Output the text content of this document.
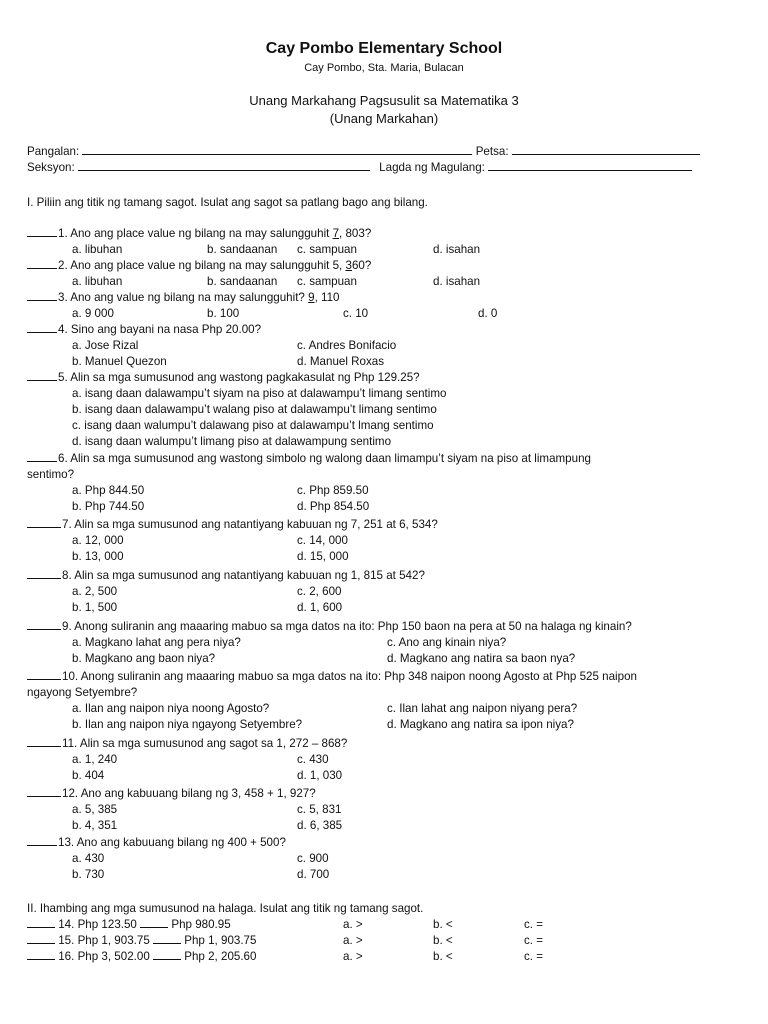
Cay Pombo Elementary School
Cay Pombo, Sta. Maria, Bulacan
Unang Markahang Pagsusulit sa Matematika 3
(Unang Markahan)
Pangalan:	Petsa:
Seksyon:	Lagda ng Magulang:
I. Piliin ang titik ng tamang sagot. Isulat ang sagot sa patlang bago ang bilang.
1. Ano ang place value ng bilang na may salungguhit 7, 803?
a. libuhan	b. sandaanan c. sampuan	d. isahan
2. Ano ang place value ng bilang na may salungguhit 5, 360?
a. libuhan	b. sandaanan c. sampuan	d. isahan
3. Ano ang value ng bilang na may salungguhit? 9, 110
a. 9 000	b. 100	c. 10	d. 0
4. Sino ang bayani na nasa Php 20.00?
a. Jose Rizal	c. Andres Bonifacio
b. Manuel Quezon	d. Manuel Roxas
5. Alin sa mga sumusunod ang wastong pagkakasulat ng Php 129.25?
a. isang daan dalawampu’t siyam na piso at dalawampu’t limang sentimo
b. isang daan dalawampu’t walang piso at dalawampu’t limang sentimo
c. isang daan walumpu’t dalawang piso at dalawampu’t lmang sentimo
d. isang daan walumpu’t limang piso at dalawampung sentimo
6. Alin sa mga sumusunod ang wastong simbolo ng walong daan limampu’t siyam na piso at limampung
sentimo?
a. Php 844.50	c. Php 859.50
b. Php 744.50	d. Php 854.50
7. Alin sa mga sumusunod ang natantiyang kabuuan ng 7, 251 at 6, 534?
a. 12, 000	c. 14, 000
b. 13, 000	d. 15, 000
8. Alin sa mga sumusunod ang natantiyang kabuuan ng 1, 815 at 542?
a. 2, 500	c. 2, 600
b. 1, 500	d. 1, 600
9. Anong suliranin ang maaaring mabuo sa mga datos na ito: Php 150 baon na pera at 50 na halaga ng kinain?
a. Magkano lahat ang pera niya?	c. Ano ang kinain niya?
b. Magkano ang baon niya?	d. Magkano ang natira sa baon nya?
10. Anong suliranin ang maaaring mabuo sa mga datos na ito: Php 348 naipon noong Agosto at Php 525 naipon
ngayong Setyembre?
a. Ilan ang naipon niya noong Agosto?	c. Ilan lahat ang naipon niyang pera?
b. Ilan ang naipon niya ngayong Setyembre?	d. Magkano ang natira sa ipon niya?
11. Alin sa mga sumusunod ang sagot sa 1, 272 – 868?
a. 1, 240	c. 430
b. 404	d. 1, 030
12. Ano ang kabuuang bilang ng 3, 458 + 1, 927?
a. 5, 385	c. 5, 831
b. 4, 351	d. 6, 385
13. Ano ang kabuuang bilang ng 400 + 500?
a. 430	c. 900
b. 730	d. 700
II. Ihambing ang mga sumusunod na halaga. Isulat ang titik ng tamang sagot.
14. Php 123.50	Php 980.95	a. >	b. <	c. =
15. Php 1, 903.75	Php 1, 903.75	a. >	b. <	c. =
16. Php 3, 502.00	Php 2, 205.60	a. >	b. <	c. =
